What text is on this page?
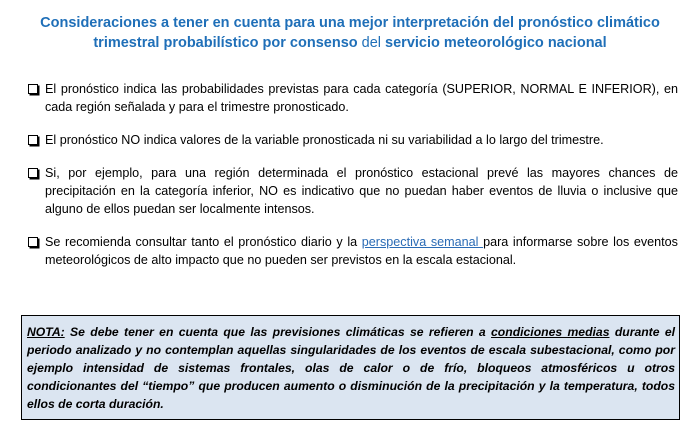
Consideraciones a tener en cuenta para una mejor interpretación del pronóstico climático trimestral probabilístico por consenso del servicio meteorológico nacional
El pronóstico indica las probabilidades previstas para cada categoría (SUPERIOR, NORMAL E INFERIOR), en cada región señalada y para el trimestre pronosticado.
El pronóstico NO indica valores de la variable pronosticada ni su variabilidad a lo largo del trimestre.
Si, por ejemplo, para una región determinada el pronóstico estacional prevé las mayores chances de precipitación en la categoría inferior, NO es indicativo que no puedan haber eventos de lluvia o inclusive que alguno de ellos puedan ser localmente intensos.
Se recomienda consultar tanto el pronóstico diario y la perspectiva semanal para informarse sobre los eventos meteorológicos de alto impacto que no pueden ser previstos en la escala estacional.
NOTA: Se debe tener en cuenta que las previsiones climáticas se refieren a condiciones medias durante el periodo analizado y no contemplan aquellas singularidades de los eventos de escala subestacional, como por ejemplo intensidad de sistemas frontales, olas de calor o de frío, bloqueos atmosféricos u otros condicionantes del “tiempo” que producen aumento o disminución de la precipitación y la temperatura, todos ellos de corta duración.
